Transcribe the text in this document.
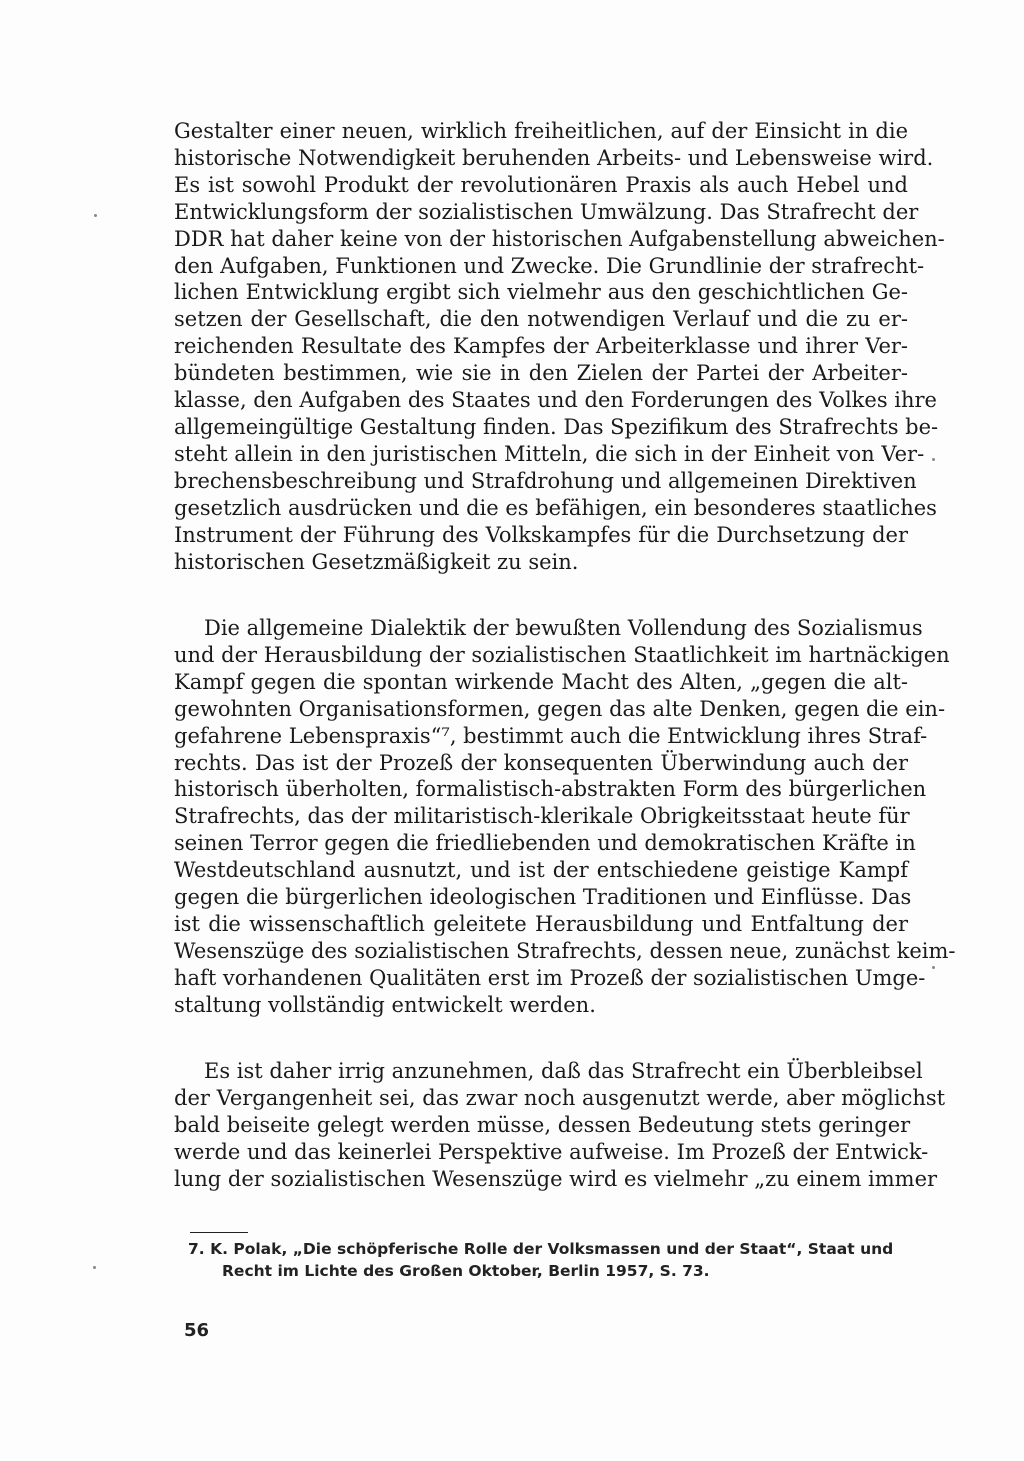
Gestalter einer neuen, wirklich freiheitlichen, auf der Einsicht in die
historische Notwendigkeit beruhenden Arbeits- und Lebensweise wird.
Es ist sowohl Produkt der revolutionären Praxis als auch Hebel und
Entwicklungsform der sozialistischen Umwälzung. Das Strafrecht der
DDR hat daher keine von der historischen Aufgabenstellung abweichen-
den Aufgaben, Funktionen und Zwecke. Die Grundlinie der strafrecht-
lichen Entwicklung ergibt sich vielmehr aus den geschichtlichen Ge-
setzen der Gesellschaft, die den notwendigen Verlauf und die zu er-
reichenden Resultate des Kampfes der Arbeiterklasse und ihrer Ver-
bündeten bestimmen, wie sie in den Zielen der Partei der Arbeiter-
klasse, den Aufgaben des Staates und den Forderungen des Volkes ihre
allgemeingültige Gestaltung finden. Das Spezifikum des Strafrechts be-
steht allein in den juristischen Mitteln, die sich in der Einheit von Ver-
brechensbeschreibung und Strafdrohung und allgemeinen Direktiven
gesetzlich ausdrücken und die es befähigen, ein besonderes staatliches
Instrument der Führung des Volkskampfes für die Durchsetzung der
historischen Gesetzmäßigkeit zu sein.

Die allgemeine Dialektik der bewußten Vollendung des Sozialismus
und der Herausbildung der sozialistischen Staatlichkeit im hartnäckigen
Kampf gegen die spontan wirkende Macht des Alten, „gegen die alt-
gewohnten Organisationsformen, gegen das alte Denken, gegen die ein-
gefahrene Lebenspraxis“⁷, bestimmt auch die Entwicklung ihres Straf-
rechts. Das ist der Prozeß der konsequenten Überwindung auch der
historisch überholten, formalistisch-abstrakten Form des bürgerlichen
Strafrechts, das der militaristisch-klerikale Obrigkeitsstaat heute für
seinen Terror gegen die friedliebenden und demokratischen Kräfte in
Westdeutschland ausnutzt, und ist der entschiedene geistige Kampf
gegen die bürgerlichen ideologischen Traditionen und Einflüsse. Das
ist die wissenschaftlich geleitete Herausbildung und Entfaltung der
Wesenszüge des sozialistischen Strafrechts, dessen neue, zunächst keim-
haft vorhandenen Qualitäten erst im Prozeß der sozialistischen Umge-
staltung vollständig entwickelt werden.

Es ist daher irrig anzunehmen, daß das Strafrecht ein Überbleibsel
der Vergangenheit sei, das zwar noch ausgenutzt werde, aber möglichst
bald beiseite gelegt werden müsse, dessen Bedeutung stets geringer
werde und das keinerlei Perspektive aufweise. Im Prozeß der Entwick-
lung der sozialistischen Wesenszüge wird es vielmehr „zu einem immer

7. K. Polak, „Die schöpferische Rolle der Volksmassen und der Staat“, Staat und
Recht im Lichte des Großen Oktober, Berlin 1957, S. 73.
56
